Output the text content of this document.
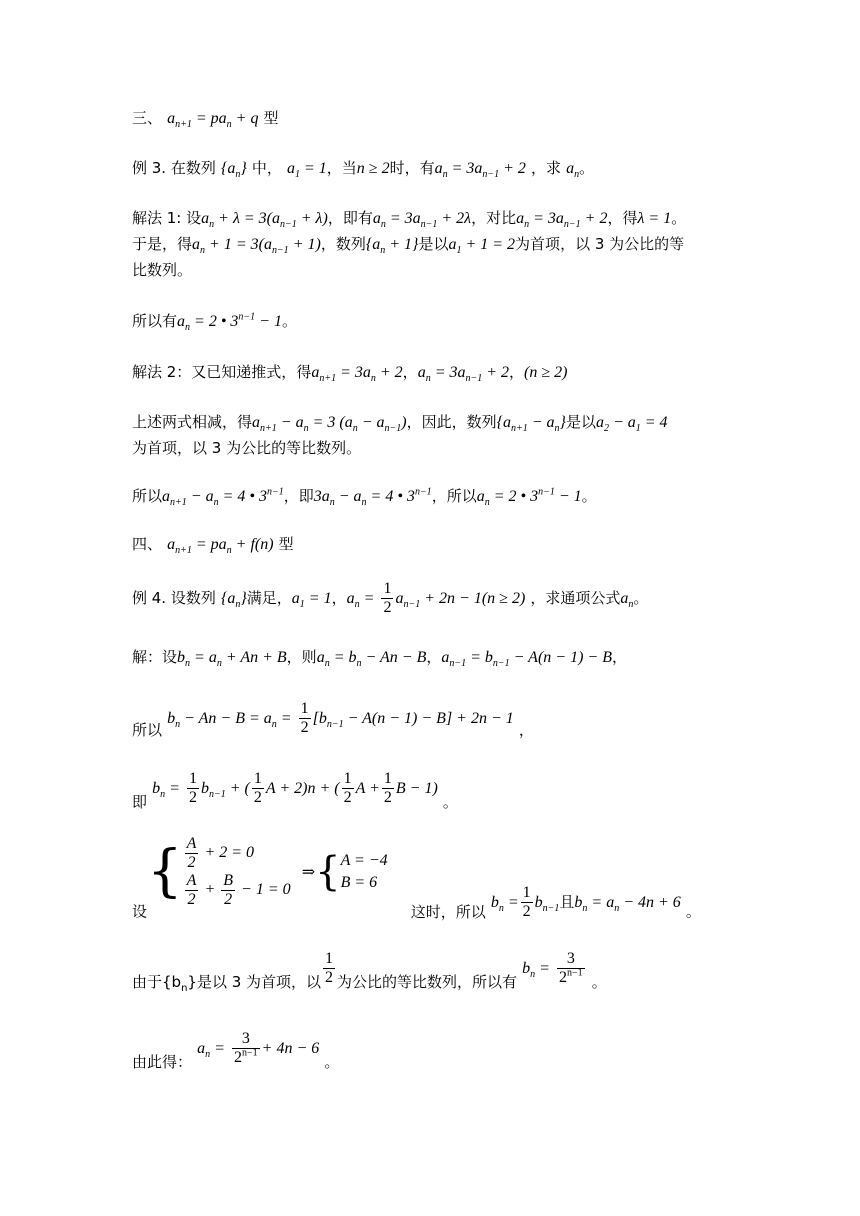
三、 $a_{n+1} = pa_n + q$ 型
例 3. 在数列 $\{a_n\}$ 中， $a_1 = 1$，当n ≥ 2时，有$a_n = 3a_{n-1} + 2$ ，求 $a_n$。
解法 1: 设$a_n + \lambda = 3(a_{n-1} + \lambda)$，即有$a_n = 3a_{n-1} + 2\lambda$，对比$a_n = 3a_{n-1} + 2$，得λ = 1。
于是，得$a_n + 1 = 3(a_{n-1} + 1)$，数列$\{a_n + 1\}$是以$a_1 + 1 = 2$为首项，以 3 为公比的等
比数列。
所以有$a_n = 2$ • $3^{n-1} - 1$。
解法 2：又已知递推式，得$a_{n+1} = 3a_n + 2$，$a_n = 3a_{n-1} + 2$，(n ≥ 2)
上述两式相减，得$a_{n+1} - a_n = 3$ $(a_n - a_{n-1})$，因此，数列$\{a_{n+1} - a_n\}$是以$a_2 - a_1 = 4$
为首项，以 3 为公比的等比数列。
所以$a_{n+1} - a_n = 4$ • $3^{n-1}$，即$3a_n - a_n = 4$ • $3^{n-1}$，所以$a_n = 2$ • $3^{n-1} - 1$。
四、 $a_{n+1} = pa_n + f(n)$ 型
例 4. 设数列 $\{a_n\}$满足，$a_1 = 1$，$a_n = \frac{1}{2} a_{n-1} + 2n - 1(n \ge 2)$ ，求通项公式$a_n$。
解：设$b_n = a_n + An + B$，则$a_n = b_n - An - B$，$a_{n-1} = b_{n-1} - A(n - 1) - B$，
所以 $b_n - An - B = a_n = \frac{1}{2} [b_{n-1} - A(n - 1) - B] + 2n - 1$ ，
即 $b_n = \frac{1}{2} b_{n-1}$ + ( $\frac{1}{2}$ A + 2)n + ( $\frac{1}{2}$ $A + \frac{1}{2}$ B − 1) 。
设{ $\frac{A}{2} + 2 = 0$
$\frac{A}{2} + \frac{B}{2} - 1 = 0$
⇒{ A = −4
B = 6
这时，所以 $b_n = \frac{1}{2} b_{n-1}$且$b_n = a_n - 4n + 6$ 。
由于$\{b_n\}$是以 3 为首项，以 $\frac{1}{2}$ 为公比的等比数列，所以有 $b_n = \frac{3}{2^{n-1}}$ 。
由此得： $a_n = \frac{3}{2^{n-1}} + 4n - 6$ 。
